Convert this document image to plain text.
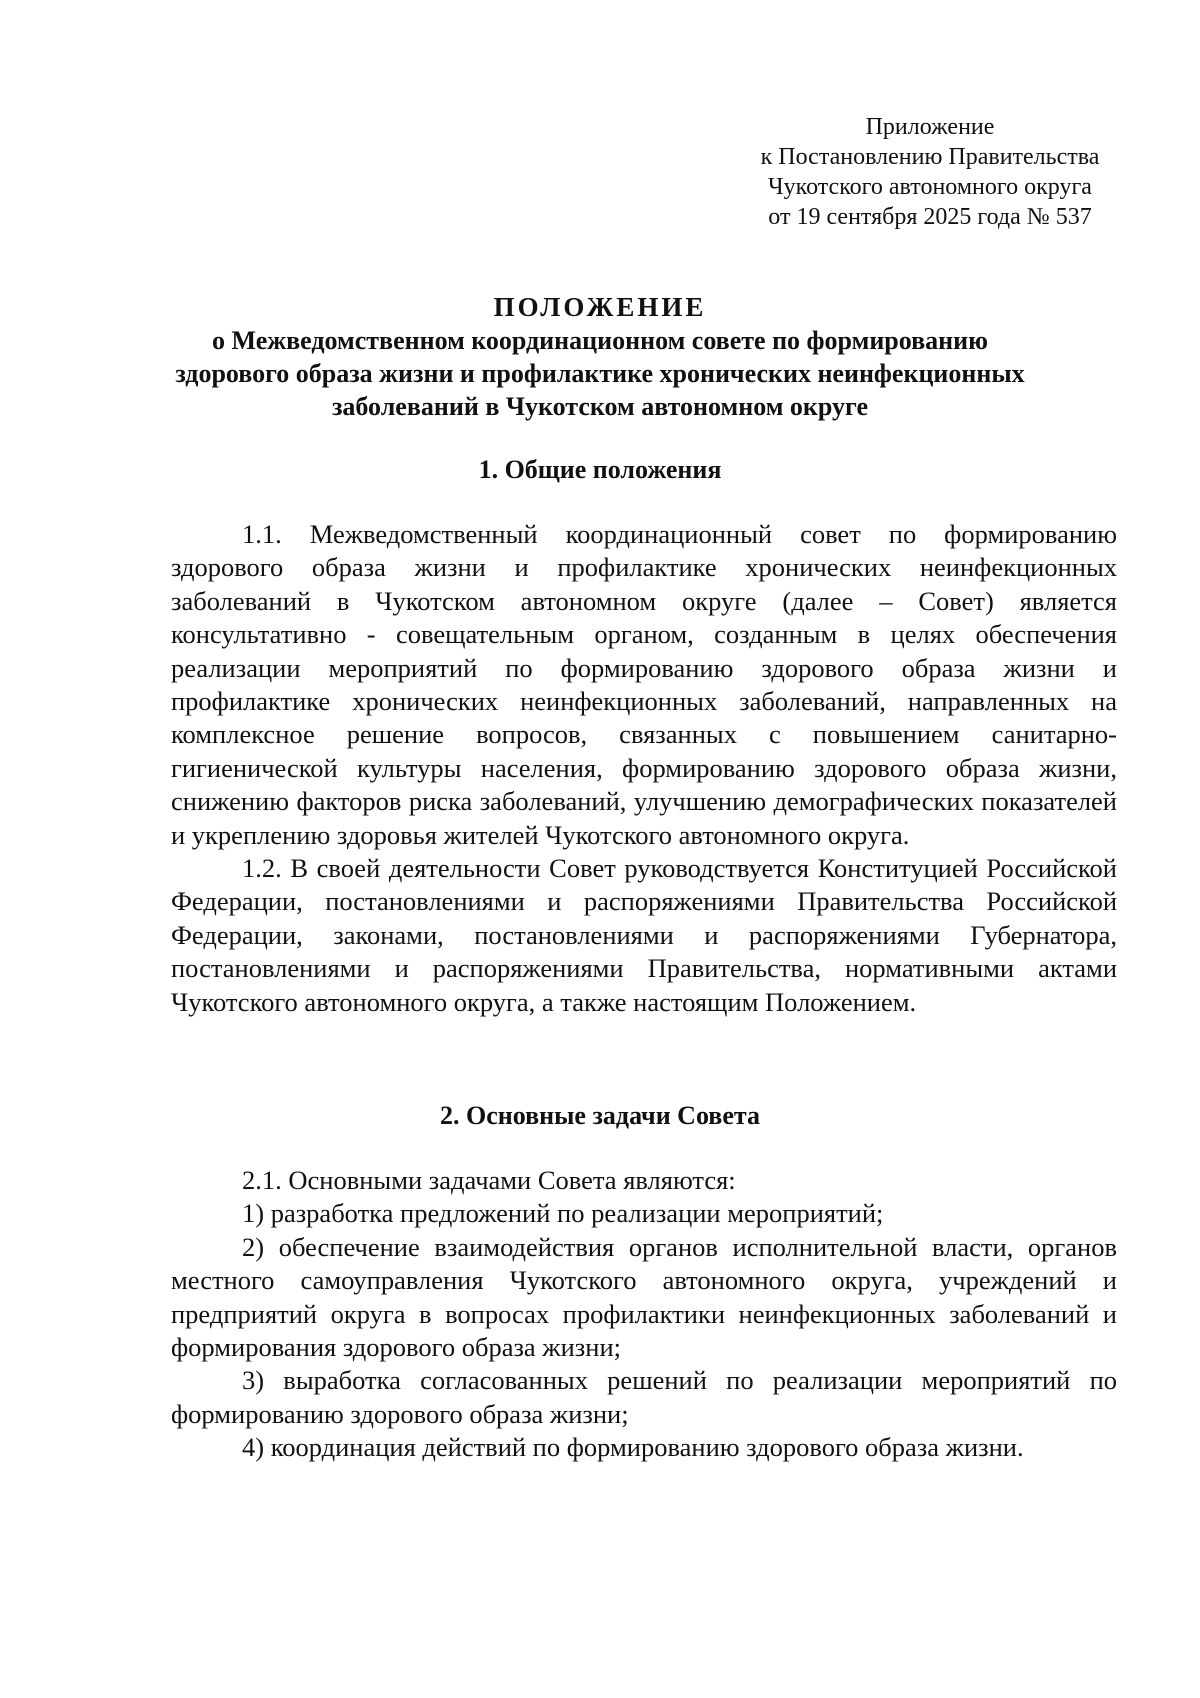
Приложение
к Постановлению Правительства
Чукотского автономного округа
от 19 сентября 2025 года № 537
ПОЛОЖЕНИЕ
о Межведомственном координационном совете по формированию
здорового образа жизни и профилактике хронических неинфекционных
заболеваний в Чукотском автономном округе
1. Общие положения

1.1. Межведомственный координационный совет по формированию здорового образа жизни и профилактике хронических неинфекционных заболеваний в Чукотском автономном округе (далее – Совет) является консультативно - совещательным органом, созданным в целях обеспечения реализации мероприятий по формированию здорового образа жизни и профилактике хронических неинфекционных заболеваний, направленных на комплексное решение вопросов, связанных с повышением санитарно-гигиенической культуры населения, формированию здорового образа жизни, снижению факторов риска заболеваний, улучшению демографических показателей и укреплению здоровья жителей Чукотского автономного округа.

1.2. В своей деятельности Совет руководствуется Конституцией Российской Федерации, постановлениями и распоряжениями Правительства Российской Федерации, законами, постановлениями и распоряжениями Губернатора, постановлениями и распоряжениями Правительства, нормативными актами Чукотского автономного округа, а также настоящим Положением.

2. Основные задачи Совета

2.1. Основными задачами Совета являются:

1) разработка предложений по реализации мероприятий;

2) обеспечение взаимодействия органов исполнительной власти, органов местного самоуправления Чукотского автономного округа, учреждений и предприятий округа в вопросах профилактики неинфекционных заболеваний и формирования здорового образа жизни;

3) выработка согласованных решений по реализации мероприятий по формированию здорового образа жизни;

4) координация действий по формированию здорового образа жизни.
